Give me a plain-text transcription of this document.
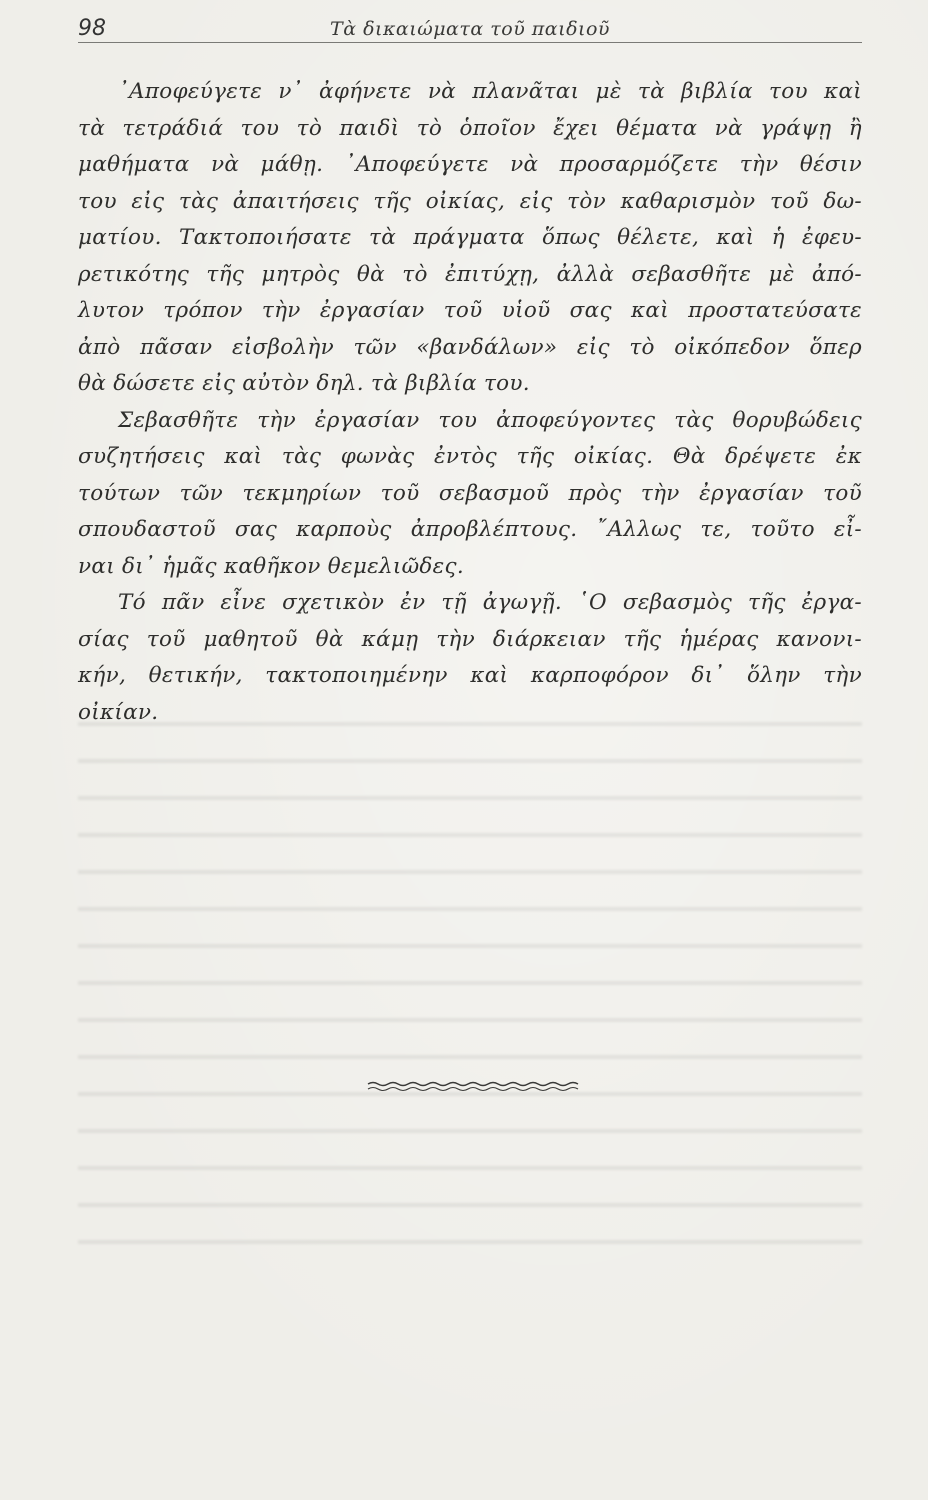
98	Τὰ δικαιώματα τοῦ παιδιοῦ
᾿Αποφεύγετε ν᾿ ἀφήνετε νὰ πλανᾶται μὲ τὰ βιβλία του καὶ
τὰ τετράδιά του τὸ παιδὶ τὸ ὁποῖον ἔχει θέματα νὰ γράψῃ ἢ
μαθήματα νὰ μάθῃ. ᾿Αποφεύγετε νὰ προσαρμόζετε τὴν θέσιν
του εἰς τὰς ἀπαιτήσεις τῆς οἰκίας, εἰς τὸν καθαρισμὸν τοῦ δω-
ματίου. Τακτοποιήσατε τὰ πράγματα ὅπως θέλετε, καὶ ἡ ἐφευ-
ρετικότης τῆς μητρὸς θὰ τὸ ἐπιτύχῃ, ἀλλὰ σεβασθῆτε μὲ ἀπό-
λυτον τρόπον τὴν ἐργασίαν τοῦ υἱοῦ σας καὶ προστατεύσατε
ἀπὸ πᾶσαν εἰσβολὴν τῶν «βανδάλων» εἰς τὸ οἰκόπεδον ὅπερ
θὰ δώσετε εἰς αὐτὸν δηλ. τὰ βιβλία του.
Σεβασθῆτε τὴν ἐργασίαν του ἀποφεύγοντες τὰς θορυβώδεις
συζητήσεις καὶ τὰς φωνὰς ἐντὸς τῆς οἰκίας. Θὰ δρέψετε ἐκ
τούτων τῶν τεκμηρίων τοῦ σεβασμοῦ πρὸς τὴν ἐργασίαν τοῦ
σπουδαστοῦ σας καρποὺς ἀπροβλέπτους. ῎Αλλως τε, τοῦτο εἶ-
ναι δι᾿ ἡμᾶς καθῆκον θεμελιῶδες.
Τό πᾶν εἶνε σχετικὸν ἐν τῇ ἀγωγῇ. ῾Ο σεβασμὸς τῆς ἐργα-
σίας τοῦ μαθητοῦ θὰ κάμῃ τὴν διάρκειαν τῆς ἡμέρας κανονι-
κήν, θετικήν, τακτοποιημένην καὶ καρποφόρον δι᾿ ὅλην τὴν
οἰκίαν.
